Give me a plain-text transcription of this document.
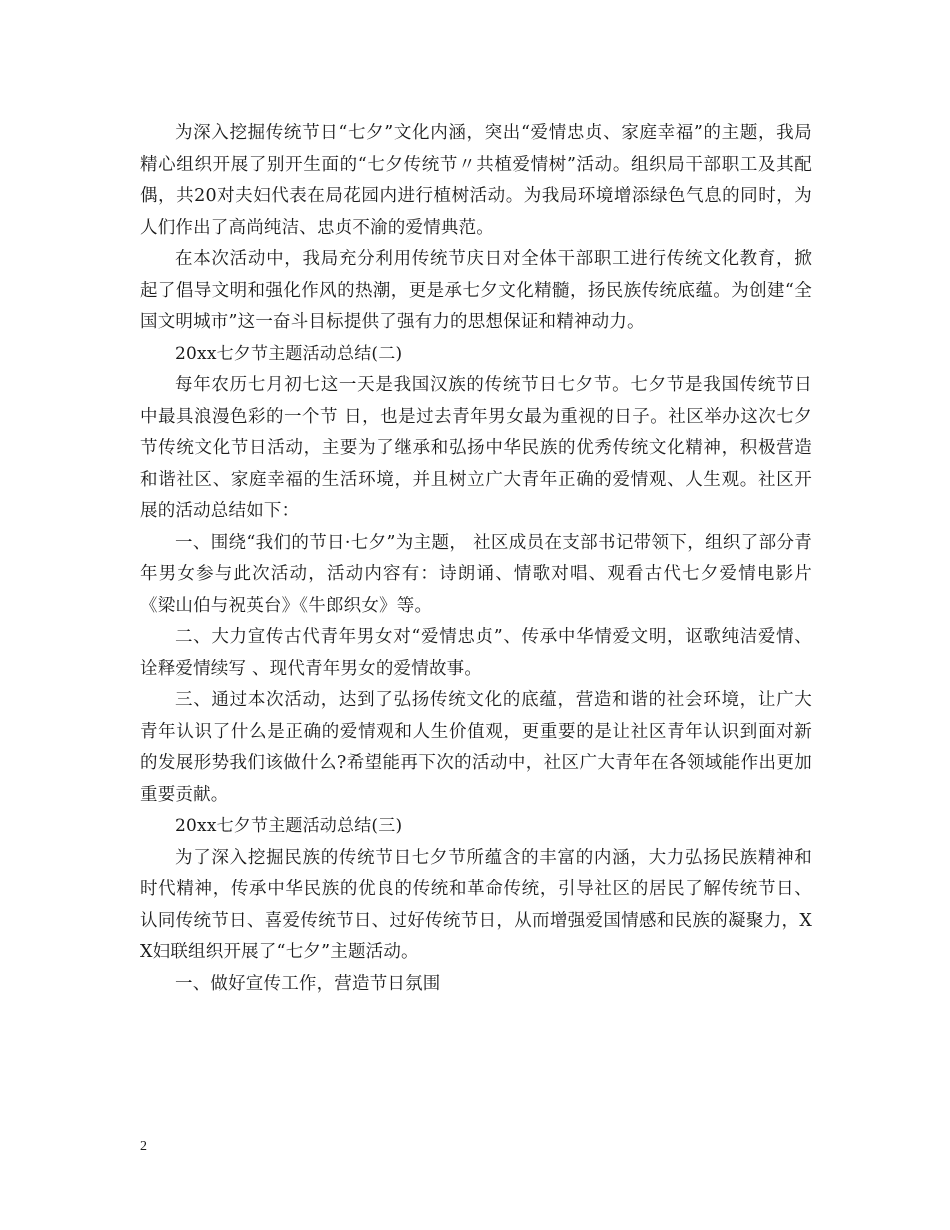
为深入挖掘传统节日“七夕”文化内涵，突出“爱情忠贞、家庭幸福”的主题，我局精心组织开展了别开生面的“七夕传统节〃共植爱情树”活动。组织局干部职工及其配偶，共20对夫妇代表在局花园内进行植树活动。为我局环境增添绿色气息的同时，为人们作出了高尚纯洁、忠贞不渝的爱情典范。

在本次活动中，我局充分利用传统节庆日对全体干部职工进行传统文化教育，掀起了倡导文明和强化作风的热潮，更是承七夕文化精髓，扬民族传统底蕴。为创建“全国文明城市”这一奋斗目标提供了强有力的思想保证和精神动力。

20xx七夕节主题活动总结(二)

每年农历七月初七这一天是我国汉族的传统节日七夕节。七夕节是我国传统节日中最具浪漫色彩的一个节 日，也是过去青年男女最为重视的日子。社区举办这次七夕节传统文化节日活动，主要为了继承和弘扬中华民族的优秀传统文化精神，积极营造和谐社区、家庭幸福的生活环境，并且树立广大青年正确的爱情观、人生观。社区开展的活动总结如下：

一、围绕“我们的节日·七夕”为主题， 社区成员在支部书记带领下，组织了部分青年男女参与此次活动，活动内容有：诗朗诵、情歌对唱、观看古代七夕爱情电影片《梁山伯与祝英台》《牛郎织女》等。

二、大力宣传古代青年男女对“爱情忠贞”、传承中华情爱文明，讴歌纯洁爱情、诠释爱情续写 、现代青年男女的爱情故事。

三、通过本次活动，达到了弘扬传统文化的底蕴，营造和谐的社会环境，让广大青年认识了什么是正确的爱情观和人生价值观，更重要的是让社区青年认识到面对新的发展形势我们该做什么?希望能再下次的活动中，社区广大青年在各领域能作出更加重要贡献。

20xx七夕节主题活动总结(三)

为了深入挖掘民族的传统节日七夕节所蕴含的丰富的内涵，大力弘扬民族精神和时代精神，传承中华民族的优良的传统和革命传统，引导社区的居民了解传统节日、认同传统节日、喜爱传统节日、过好传统节日，从而增强爱国情感和民族的凝聚力，XX妇联组织开展了“七夕”主题活动。

一、做好宣传工作，营造节日氛围

2
